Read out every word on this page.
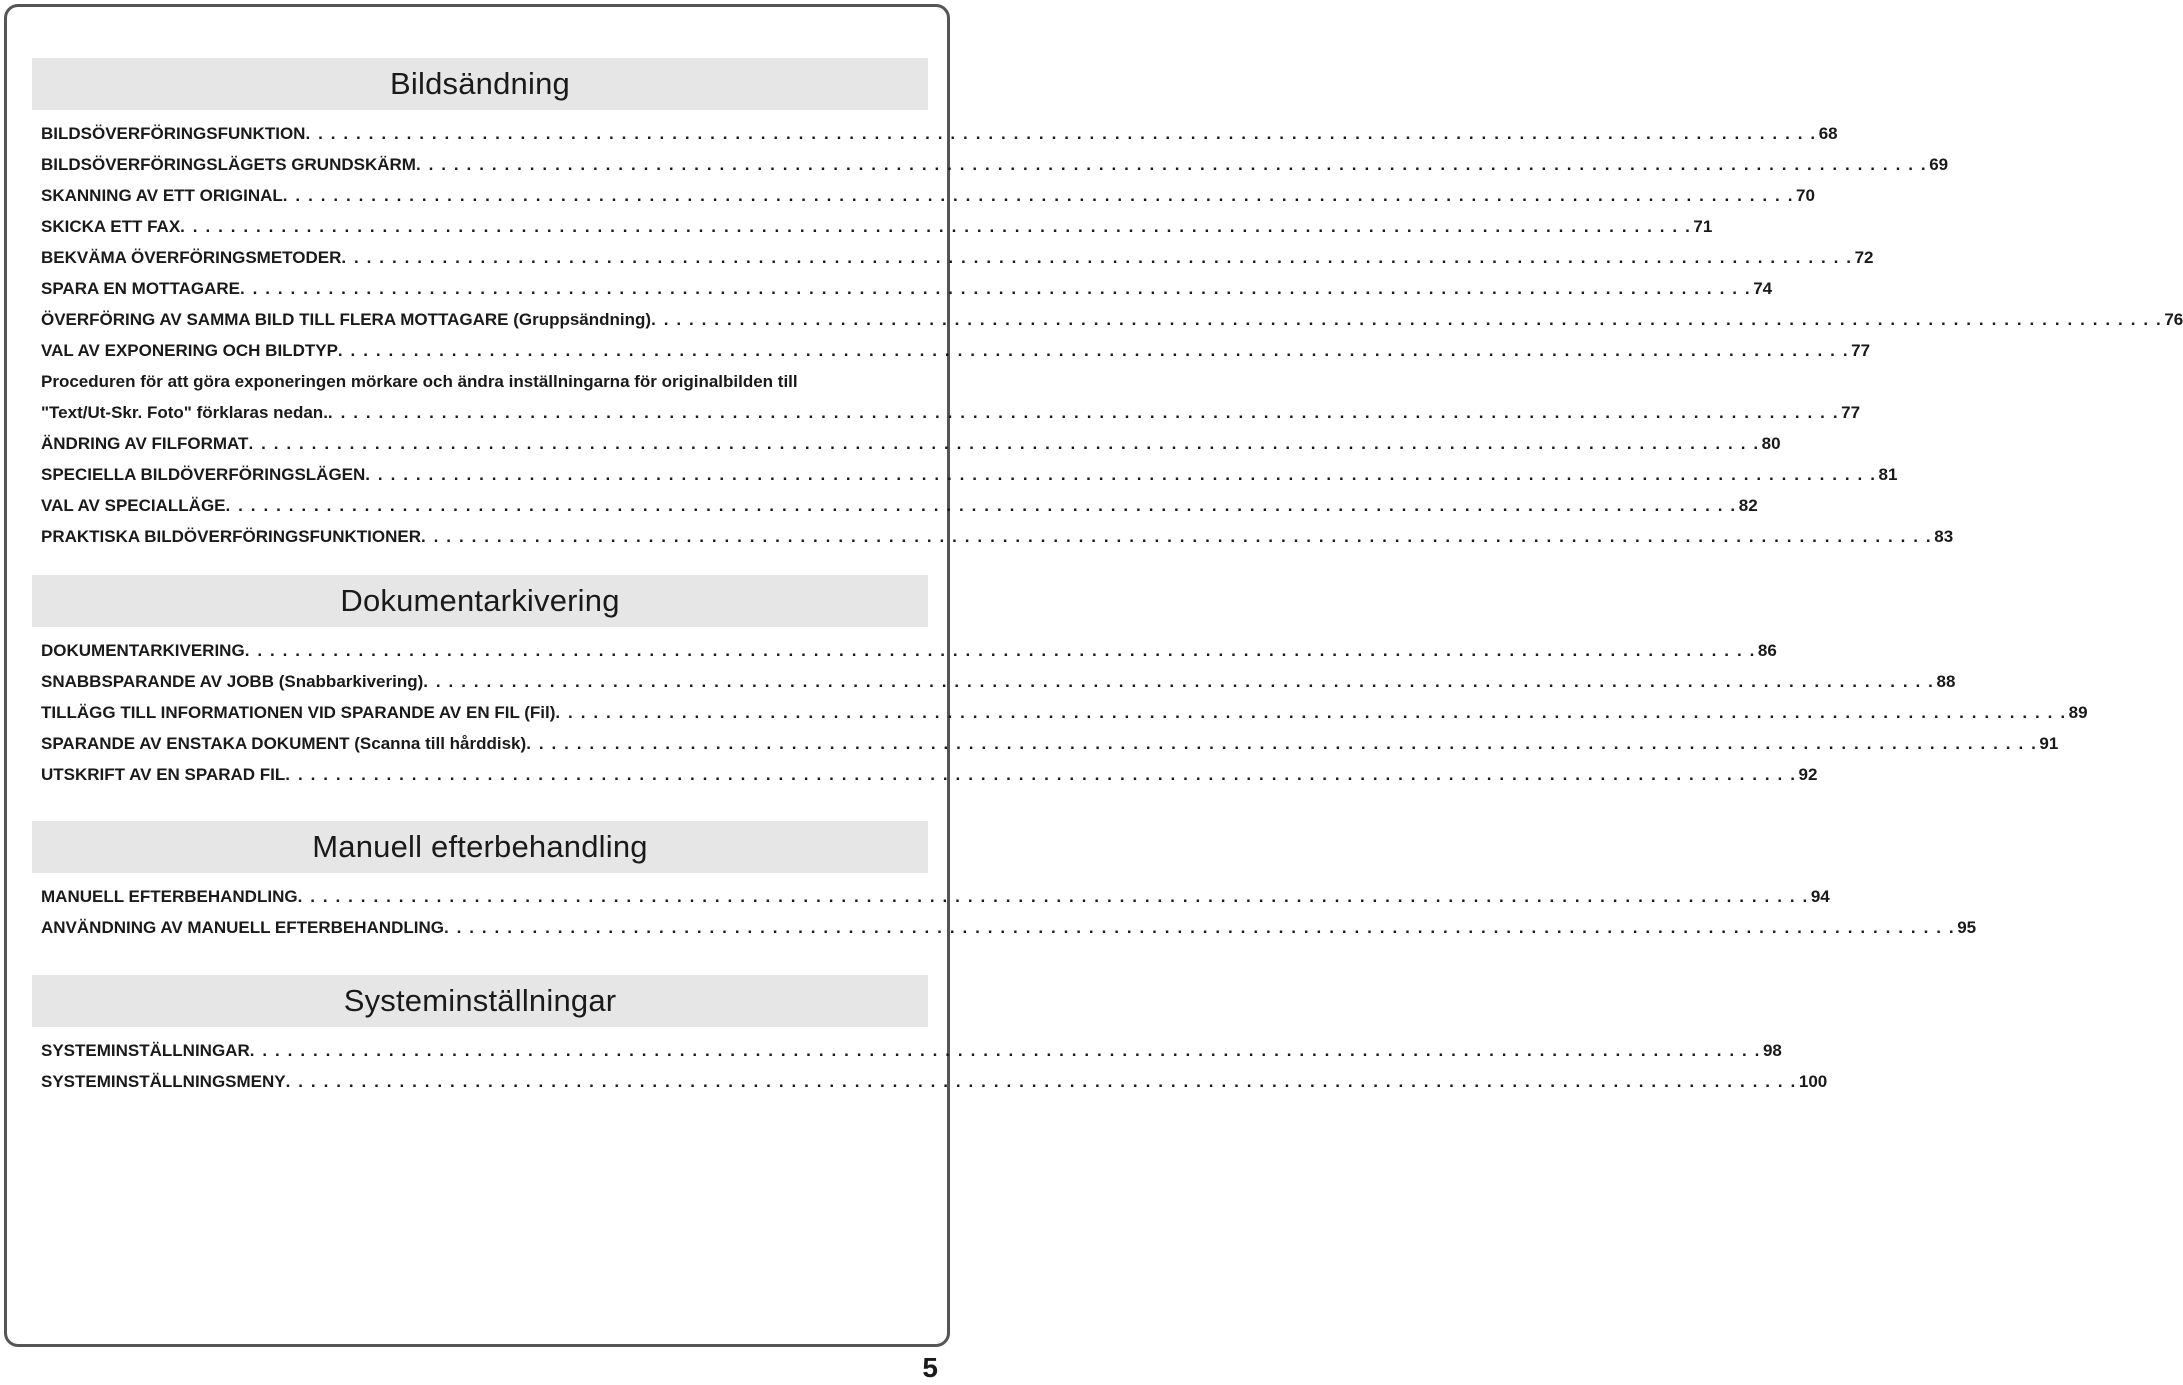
Bildsändning
BILDSÖVERFÖRINGSFUNKTION . . . . . . . . . . . . . . . . . . . . . . . . . . . . . . . . . . . . . . . . . . . . . . . . . . . . . . . . . . . . . . . . . . . . . . . . . . . . . . . . . . . . . . . . . . . . . . . . . . . . . . . . . . . . . . . . . . . . . . . . 68
BILDSÖVERFÖRINGSLÄGETS GRUNDSKÄRM . . . . . . . . . . . . . . . . . . . . . . . . . . . . . . . . . . . . . . . . . . . . . . . . . . . . . . . . . . . . . . . . . . . . . . . . . . . . . . . . . . . . . . . . . . . . . . . . . . . . . . . . . . . . . . . . . . . . . . . . 69
SKANNING AV ETT ORIGINAL . . . . . . . . . . . . . . . . . . . . . . . . . . . . . . . . . . . . . . . . . . . . . . . . . . . . . . . . . . . . . . . . . . . . . . . . . . . . . . . . . . . . . . . . . . . . . . . . . . . . . . . . . . . . . . . . . . . . . . . . 70
SKICKA ETT FAX . . . . . . . . . . . . . . . . . . . . . . . . . . . . . . . . . . . . . . . . . . . . . . . . . . . . . . . . . . . . . . . . . . . . . . . . . . . . . . . . . . . . . . . . . . . . . . . . . . . . . . . . . . . . . . . . . . . . . . . . 71
BEKVÄMA ÖVERFÖRINGSMETODER . . . . . . . . . . . . . . . . . . . . . . . . . . . . . . . . . . . . . . . . . . . . . . . . . . . . . . . . . . . . . . . . . . . . . . . . . . . . . . . . . . . . . . . . . . . . . . . . . . . . . . . . . . . . . . . . . . . . . . . . 72
SPARA EN MOTTAGARE . . . . . . . . . . . . . . . . . . . . . . . . . . . . . . . . . . . . . . . . . . . . . . . . . . . . . . . . . . . . . . . . . . . . . . . . . . . . . . . . . . . . . . . . . . . . . . . . . . . . . . . . . . . . . . . . . . . . . . . . 74
ÖVERFÖRING AV SAMMA BILD TILL FLERA MOTTAGARE (Gruppsändning) . . . . . . . . . . . . . . . . . . . . . . . . . . . . . . . . . . . . . . . . . . . . . . . . . . . . . . . . . . . . . . . . . . . . . . . . . . . . . . . . . . . . . . . . . . . . . . . . . . . . . . . . . . . . . . . . . . . . . . . . 76
VAL AV EXPONERING OCH BILDTYP . . . . . . . . . . . . . . . . . . . . . . . . . . . . . . . . . . . . . . . . . . . . . . . . . . . . . . . . . . . . . . . . . . . . . . . . . . . . . . . . . . . . . . . . . . . . . . . . . . . . . . . . . . . . . . . . . . . . . . . . 77
Proceduren för att göra exponeringen mörkare och ändra inställningarna för originalbilden till
"Text/Ut-Skr. Foto" förklaras nedan. . . . . . . . . . . . . . . . . . . . . . . . . . . . . . . . . . . . . . . . . . . . . . . . . . . . . . . . . . . . . . . . . . . . . . . . . . . . . . . . . . . . . . . . . . . . . . . . . . . . . . . . . . . . . . . . . . . . . . . . . 77
ÄNDRING AV FILFORMAT . . . . . . . . . . . . . . . . . . . . . . . . . . . . . . . . . . . . . . . . . . . . . . . . . . . . . . . . . . . . . . . . . . . . . . . . . . . . . . . . . . . . . . . . . . . . . . . . . . . . . . . . . . . . . . . . . . . . . . . . 80
SPECIELLA BILDÖVERFÖRINGSLÄGEN . . . . . . . . . . . . . . . . . . . . . . . . . . . . . . . . . . . . . . . . . . . . . . . . . . . . . . . . . . . . . . . . . . . . . . . . . . . . . . . . . . . . . . . . . . . . . . . . . . . . . . . . . . . . . . . . . . . . . . . . 81
VAL AV SPECIALLÄGE . . . . . . . . . . . . . . . . . . . . . . . . . . . . . . . . . . . . . . . . . . . . . . . . . . . . . . . . . . . . . . . . . . . . . . . . . . . . . . . . . . . . . . . . . . . . . . . . . . . . . . . . . . . . . . . . . . . . . . . . 82
PRAKTISKA BILDÖVERFÖRINGSFUNKTIONER . . . . . . . . . . . . . . . . . . . . . . . . . . . . . . . . . . . . . . . . . . . . . . . . . . . . . . . . . . . . . . . . . . . . . . . . . . . . . . . . . . . . . . . . . . . . . . . . . . . . . . . . . . . . . . . . . . . . . . . . 83
Dokumentarkivering
DOKUMENTARKIVERING . . . . . . . . . . . . . . . . . . . . . . . . . . . . . . . . . . . . . . . . . . . . . . . . . . . . . . . . . . . . . . . . . . . . . . . . . . . . . . . . . . . . . . . . . . . . . . . . . . . . . . . . . . . . . . . . . . . . . . . . 86
SNABBSPARANDE AV JOBB (Snabbarkivering) . . . . . . . . . . . . . . . . . . . . . . . . . . . . . . . . . . . . . . . . . . . . . . . . . . . . . . . . . . . . . . . . . . . . . . . . . . . . . . . . . . . . . . . . . . . . . . . . . . . . . . . . . . . . . . . . . . . . . . . . 88
TILLÄGG TILL INFORMATIONEN VID SPARANDE AV EN FIL (Fil) . . . . . . . . . . . . . . . . . . . . . . . . . . . . . . . . . . . . . . . . . . . . . . . . . . . . . . . . . . . . . . . . . . . . . . . . . . . . . . . . . . . . . . . . . . . . . . . . . . . . . . . . . . . . . . . . . . . . . . . . 89
SPARANDE AV ENSTAKA DOKUMENT (Scanna till hårddisk) . . . . . . . . . . . . . . . . . . . . . . . . . . . . . . . . . . . . . . . . . . . . . . . . . . . . . . . . . . . . . . . . . . . . . . . . . . . . . . . . . . . . . . . . . . . . . . . . . . . . . . . . . . . . . . . . . . . . . . . . 91
UTSKRIFT AV EN SPARAD FIL . . . . . . . . . . . . . . . . . . . . . . . . . . . . . . . . . . . . . . . . . . . . . . . . . . . . . . . . . . . . . . . . . . . . . . . . . . . . . . . . . . . . . . . . . . . . . . . . . . . . . . . . . . . . . . . . . . . . . . . . 92
Manuell efterbehandling
MANUELL EFTERBEHANDLING . . . . . . . . . . . . . . . . . . . . . . . . . . . . . . . . . . . . . . . . . . . . . . . . . . . . . . . . . . . . . . . . . . . . . . . . . . . . . . . . . . . . . . . . . . . . . . . . . . . . . . . . . . . . . . . . . . . . . . . . 94
ANVÄNDNING AV MANUELL EFTERBEHANDLING . . . . . . . . . . . . . . . . . . . . . . . . . . . . . . . . . . . . . . . . . . . . . . . . . . . . . . . . . . . . . . . . . . . . . . . . . . . . . . . . . . . . . . . . . . . . . . . . . . . . . . . . . . . . . . . . . . . . . . . . 95
Systeminställningar
SYSTEMINSTÄLLNINGAR . . . . . . . . . . . . . . . . . . . . . . . . . . . . . . . . . . . . . . . . . . . . . . . . . . . . . . . . . . . . . . . . . . . . . . . . . . . . . . . . . . . . . . . . . . . . . . . . . . . . . . . . . . . . . . . . . . . . . . . . 98
SYSTEMINSTÄLLNINGSMENY . . . . . . . . . . . . . . . . . . . . . . . . . . . . . . . . . . . . . . . . . . . . . . . . . . . . . . . . . . . . . . . . . . . . . . . . . . . . . . . . . . . . . . . . . . . . . . . . . . . . . . . . . . . . . . . . . . . . . . . . 100
5
